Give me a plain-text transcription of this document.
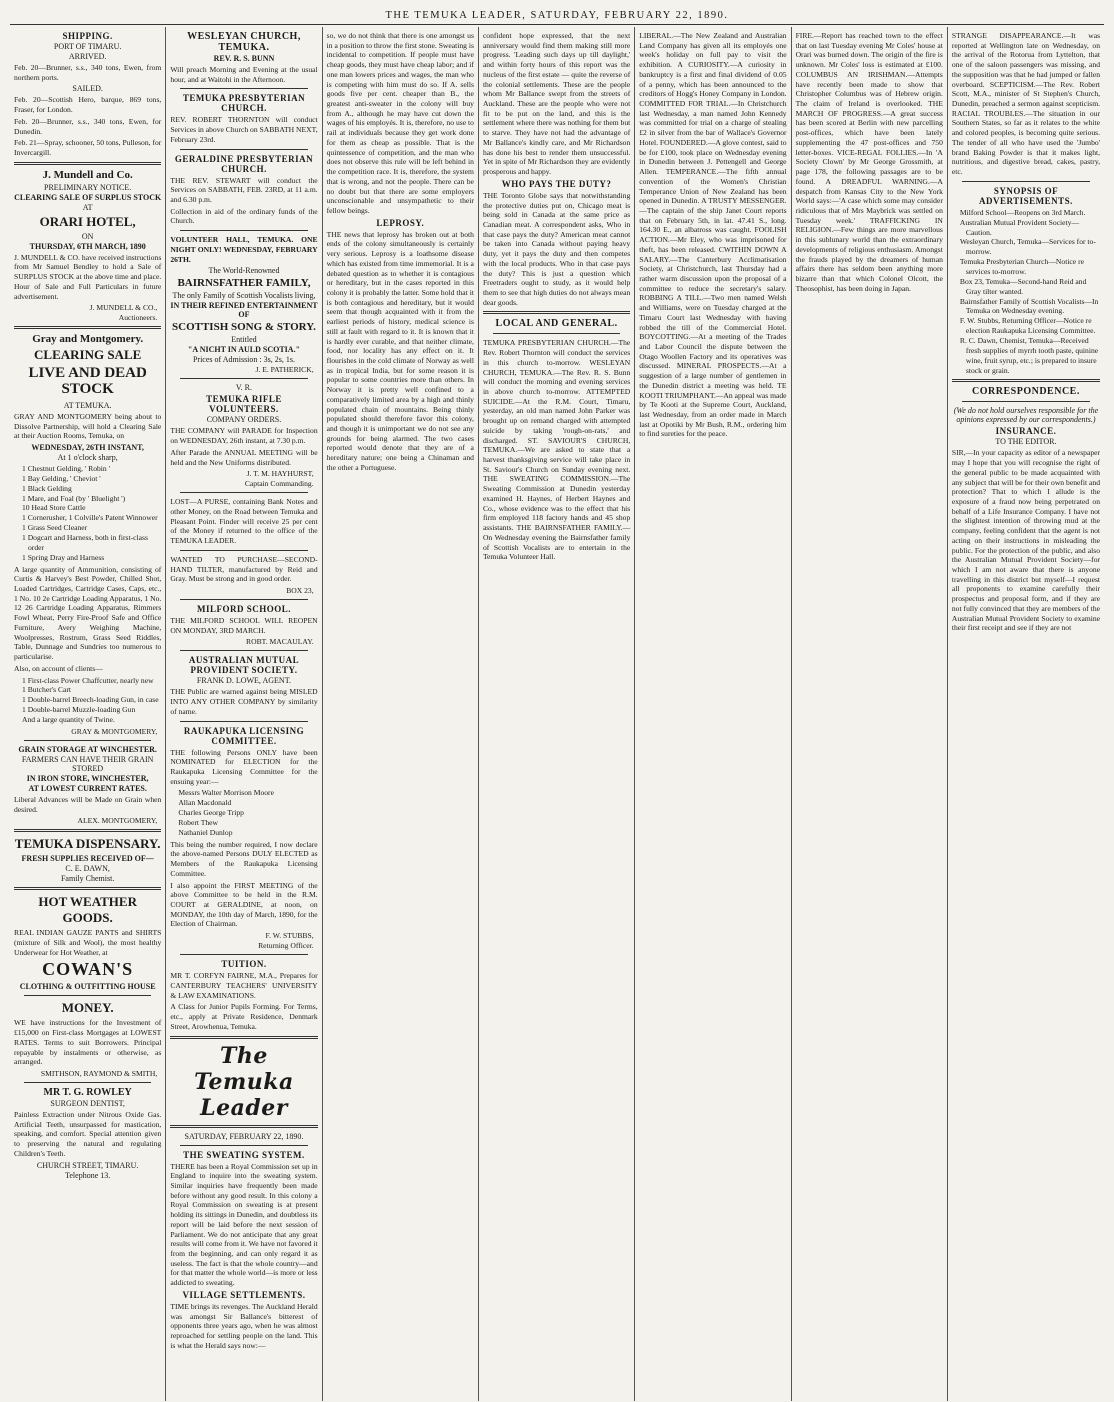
THE TEMUKA LEADER, SATURDAY, FEBRUARY 22, 1890.
SHIPPING.
PORT OF TIMARU.
ARRIVED.
Feb. 20—Brunner, s.s., 340 tons, Ewen, from northern ports.
SAILED.
Feb. 20—Scottish Hero, barque, 869 tons, Fraser, for London.
Feb. 20—Brunner, s.s., 340 tons, Ewen, for Dunedin.
Feb. 21—Spray, schooner, 50 tons, Pulleson, for Invercargill.
J. Mundell and Co.
PRELIMINARY NOTICE.
CLEARING SALE OF SURPLUS STOCK
AT
ORARI HOTEL,
ON
THURSDAY, 6TH MARCH, 1890
J. MUNDELL & CO. have received instructions from Mr Samuel Bendley to hold a Sale of SURPLUS STOCK at the above time and place. Hour of Sale and Full Particulars in future advertisement.
J. MUNDELL & CO.,
Auctioneers.
Gray and Montgomery.
CLEARING SALE
LIVE AND DEAD STOCK
AT TEMUKA.
GRAY AND MONTGOMERY being about to Dissolve Partnership, will hold a Clearing Sale at their Auction Rooms, Temuka, on
WEDNESDAY, 26TH INSTANT,
At 1 o'clock sharp,
1 Chestnut Gelding, ' Robin '
1 Bay Gelding, ' Cheviot '
1 Black Gelding
1 Mare, and Foal (by ' Bluelight ')
10 Head Store Cattle
1 Cornerusher, 1 Colville's Patent Winnower
1 Grass Seed Cleaner
1 Dogcart and Harness, both in first-class order
1 Spring Dray and Harness
A large quantity of Ammunition, consisting of Curtis & Harvey's Best Powder, Chilled Shot, Loaded Cartridges, Cartridge Cases, Caps, etc., 1 No. 10 2e Cartridge Loading Apparatus, 1 No. 12 26 Cartridge Loading Apparatus, Rimmers Fowl Wheat, Perry Fire-Proof Safe and Office Furniture, Avery Weighing Machine, Woolpresses, Rostrum, Grass Seed Riddles, Table, Dunnage and Sundries too numerous to particularise.
Also, on account of clients—
1 First-class Power Chaffcutter, nearly new
1 Butcher's Cart
1 Double-barrel Breech-loading Gun, in case
1 Double-barrel Muzzle-loading Gun
And a large quantity of Twine.
GRAY & MONTGOMERY,
GRAIN STORAGE AT WINCHESTER.
FARMERS CAN HAVE THEIR GRAIN STORED
IN IRON STORE, WINCHESTER,
AT LOWEST CURRENT RATES.
Liberal Advances will be Made on Grain when desired.
ALEX. MONTGOMERY,
TEMUKA DISPENSARY.
FRESH SUPPLIES RECEIVED OF—
C. E. DAWN,
Family Chemist.
HOT WEATHER GOODS.
REAL INDIAN GAUZE PANTS and SHIRTS (mixture of Silk and Wool), the most healthy Underwear for Hot Weather, at
COWAN'S
CLOTHING & OUTFITTING HOUSE
MONEY.
WE have instructions for the Investment of £15,000 on First-class Mortgages at LOWEST RATES. Terms to suit Borrowers. Principal repayable by instalments or otherwise, as arranged.
SMITHSON, RAYMOND & SMITH,
MR T. G. ROWLEY
SURGEON DENTIST,
Painless Extraction under Nitrous Oxide Gas. Artificial Teeth, unsurpassed for mastication, speaking, and comfort. Special attention given to preserving the natural and regulating Children's Teeth.
CHURCH STREET, TIMARU.
Telephone 13.
WESLEYAN CHURCH, TEMUKA.
REV. R. S. BUNN
Will preach Morning and Evening at the usual hour, and at Waitohi in the Afternoon.
TEMUKA PRESBYTERIAN CHURCH.
REV. ROBERT THORNTON will conduct Services in above Church on SABBATH NEXT, February 23rd.
GERALDINE PRESBYTERIAN CHURCH.
THE REV. STEWART will conduct the Services on SABBATH, FEB. 23RD, at 11 a.m. and 6.30 p.m.
Collection in aid of the ordinary funds of the Church.
VOLUNTEER HALL, TEMUKA. ONE NIGHT ONLY! WEDNESDAY, FEBRUARY 26TH.
The World-Renowned
BAIRNSFATHER FAMILY,
The only Family of Scottish Vocalists living,
IN THEIR REFINED ENTERTAINMENT OF
SCOTTISH SONG & STORY.
Entitled
"A NICHT IN AULD SCOTIA."
Prices of Admission : 3s, 2s, 1s.
J. E. PATHERICK,
V. R.
TEMUKA RIFLE VOLUNTEERS.
COMPANY ORDERS.
THE COMPANY will PARADE for Inspection on WEDNESDAY, 26th instant, at 7.30 p.m.
After Parade the ANNUAL MEETING will be held and the New Uniforms distributed.
J. T. M. HAYHURST,
Captain Commanding.
LOST—A PURSE, containing Bank Notes and other Money, on the Road between Temuka and Pleasant Point. Finder will receive 25 per cent of the Money if returned to the office of the TEMUKA LEADER.
WANTED TO PURCHASE—SECOND-HAND TILTER, manufactured by Reid and Gray. Must be strong and in good order.
BOX 23,
MILFORD SCHOOL.
THE MILFORD SCHOOL WILL REOPEN ON MONDAY, 3RD MARCH.
ROBT. MACAULAY.
AUSTRALIAN MUTUAL PROVIDENT SOCIETY.
FRANK D. LOWE, AGENT.
THE Public are warned against being MISLED INTO ANY OTHER COMPANY by similarity of name.
RAUKAPUKA LICENSING COMMITTEE.
THE following Persons ONLY have been NOMINATED for ELECTION for the Raukapuka Licensing Committee for the ensuing year:—
Messrs Walter Morrison Moore
Allan Macdonald
Charles George Tripp
Robert Thew
Nathaniel Dunlop
This being the number required, I now declare the above-named Persons DULY ELECTED as Members of the Raukapuka Licensing Committee.
I also appoint the FIRST MEETING of the above Committee to be held in the R.M. COURT at GERALDINE, at noon, on MONDAY, the 10th day of March, 1890, for the Election of Chairman.
F. W. STUBBS,
Returning Officer.
TUITION.
MR T. CORFYN FAIRNE, M.A., Prepares for CANTERBURY TEACHERS' UNIVERSITY & LAW EXAMINATIONS.
A Class for Junior Pupils Forming. For Terms, etc., apply at Private Residence, Denmark Street, Arowhenua, Temuka.
The Temuka Leader
SATURDAY, FEBRUARY 22, 1890.
THE SWEATING SYSTEM.
THERE has been a Royal Commission set up in England to inquire into the sweating system. Similar inquiries have frequently been made before without any good result. In this colony a Royal Commission on sweating is at present holding its sittings in Dunedin, and doubtless its report will be laid before the next session of Parliament. We do not anticipate that any great results will come from it. We have not favored it from the beginning, and can only regard it as useless. The fact is that the whole country—and for that matter the whole world—is more or less addicted to sweating.
VILLAGE SETTLEMENTS.
TIME brings its revenges. The Auckland Herald was amongst Sir Ballance's bitterest of opponents three years ago, when he was almost reproached for settling people on the land. This is what the Herald says now:—
so, we do not think that there is one amongst us in a position to throw the first stone. Sweating is incidental to competition. If people must have cheap goods, they must have cheap labor; and if one man lowers prices and wages, the man who is competing with him must do so. If A. sells goods five per cent. cheaper than B., the greatest anti-sweater in the colony will buy from A., although he may have cut down the wages of his employés. It is, therefore, no use to rail at individuals because they get work done for them as cheap as possible. That is the quintessence of competition, and the man who does not observe this rule will be left behind in the competition race. It is, therefore, the system that is wrong, and not the people. There can be no doubt but that there are some employers unconscionable and unsympathetic to their fellow beings.
LEPROSY.
THE news that leprosy has broken out at both ends of the colony simultaneously is certainly very serious. Leprosy is a loathsome disease which has existed from time immemorial. It is a debated question as to whether it is contagious or hereditary, but in the cases reported in this colony it is probably the latter. Some hold that it is both contagious and hereditary, but it would seem that though acquainted with it from the earliest periods of history, medical science is still at fault with regard to it. It is known that it is hardly ever curable, and that neither climate, food, nor locality has any effect on it. It flourishes in the cold climate of Norway as well as in tropical India, but for some reason it is popular to some countries more than others. In Norway it is pretty well confined to a comparatively limited area by a high and thinly populated chain of mountains. Being thinly populated should therefore favor this colony, and though it is unimportant we do not see any grounds for being alarmed. The two cases reported would denote that they are of a hereditary nature; one being a Chinaman and the other a Portuguese.
confident hope expressed, that the next anniversary would find them making still more progress. 'Leading such days up till daylight,' and within forty hours of this report was the nucleus of the first estate — quite the reverse of the colonial settlements. These are the people whom Mr Ballance swept from the streets of Auckland. These are the people who were not fit to be put on the land, and this is the settlement where there was nothing for them but to starve. They have not had the advantage of Mr Ballance's kindly care, and Mr Richardson has done his best to render them unsuccessful. Yet in spite of Mr Richardson they are evidently prosperous and happy.
WHO PAYS THE DUTY?
THE Toronto Globe says that notwithstanding the protective duties put on, Chicago meat is being sold in Canada at the same price as Canadian meat. A correspondent asks, Who in that case pays the duty? American meat cannot be taken into Canada without paying heavy duty, yet it pays the duty and then competes with the local products. Who in that case pays the duty? This is just a question which Freetraders ought to study, as it would help them to see that high duties do not always mean dear goods.
LOCAL AND GENERAL.
TEMUKA PRESBYTERIAN CHURCH.—The Rev. Robert Thornton will conduct the services in this church to-morrow. WESLEYAN CHURCH, TEMUKA.—The Rev. R. S. Bunn will conduct the morning and evening services in above church to-morrow. ATTEMPTED SUICIDE.—At the R.M. Court, Timaru, yesterday, an old man named John Parker was brought up on remand charged with attempted suicide by taking 'rough-on-rats,' and discharged. ST. SAVIOUR'S CHURCH, TEMUKA.—We are asked to state that a harvest thanksgiving service will take place in St. Saviour's Church on Sunday evening next. THE SWEATING COMMISSION.—The Sweating Commission at Dunedin yesterday examined H. Haynes, of Herbert Haynes and Co., whose evidence was to the effect that his firm employed 118 factory hands and 45 shop assistants. THE BAIRNSFATHER FAMILY.—On Wednesday evening the Bairnsfather family of Scottish Vocalists are to entertain in the Temuka Volunteer Hall.
LIBERAL.—The New Zealand and Australian Land Company has given all its employés one week's holiday on full pay to visit the exhibition. A CURIOSITY.—A curiosity in bankruptcy is a first and final dividend of 0.05 of a penny, which has been announced to the creditors of Hogg's Honey Company in London. COMMITTED FOR TRIAL.—In Christchurch last Wednesday, a man named John Kennedy was committed for trial on a charge of stealing £2 in silver from the bar of Wallace's Governor Hotel. FOUNDERED.—A glove contest, said to be for £100, took place on Wednesday evening in Dunedin between J. Pettengell and George Allen. TEMPERANCE.—The fifth annual convention of the Women's Christian Temperance Union of New Zealand has been opened in Dunedin. A TRUSTY MESSENGER.—The captain of the ship Janet Court reports that on February 5th, in lat. 47.41 S., long. 164.30 E., an albatross was caught. FOOLISH ACTION.—Mr Eley, who was imprisoned for theft, has been released. CWITHIN DOWN A SALARY.—The Canterbury Acclimatisation Society, at Christchurch, last Thursday had a rather warm discussion upon the proposal of a committee to reduce the secretary's salary. ROBBING A TILL.—Two men named Welsh and Williams, were on Tuesday charged at the Timaru Court last Wednesday with having robbed the till of the Commercial Hotel. BOYCOTTING.—At a meeting of the Trades and Labor Council the dispute between the Otago Woollen Factory and its operatives was discussed. MINERAL PROSPECTS.—At a suggestion of a large number of gentlemen in the Dunedin district a meeting was held. TE KOOTI TRIUMPHANT.—An appeal was made by Te Kooti at the Supreme Court, Auckland, last Wednesday, from an order made in March last at Opotiki by Mr Bush, R.M., ordering him to find sureties for the peace.
FIRE.—Report has reached town to the effect that on last Tuesday evening Mr Coles' house at Orari was burned down. The origin of the fire is unknown. Mr Coles' loss is estimated at £100. COLUMBUS AN IRISHMAN.—Attempts have recently been made to show that Christopher Columbus was of Hebrew origin. The claim of Ireland is overlooked. THE MARCH OF PROGRESS.—A great success has been scored at Berlin with new parcelling post-offices, which have been lately supplementing the 47 post-offices and 750 letter-boxes. VICE-REGAL FOLLIES.—In 'A Society Clown' by Mr George Grossmith, at page 178, the following passages are to be found. A DREADFUL WARNING.—A despatch from Kansas City to the New York World says:—'A case which some may consider ridiculous that of Mrs Maybrick was settled on Tuesday week.' TRAFFICKING IN RELIGION.—Few things are more marvellous in this sublunary world than the extraordinary developments of religious enthusiasm. Amongst the frauds played by the dreamers of human affairs there has seldom been anything more bizarre than that which Colonel Olcott, the Theosophist, has been doing in Japan.
STRANGE DISAPPEARANCE.—It was reported at Wellington late on Wednesday, on the arrival of the Rotorua from Lyttelton, that one of the saloon passengers was missing, and the supposition was that he had jumped or fallen overboard. SCEPTICISM.—The Rev. Robert Scott, M.A., minister of St Stephen's Church, Dunedin, preached a sermon against scepticism. RACIAL TROUBLES.—The situation in our Southern States, so far as it relates to the white and colored peoples, is becoming quite serious. The tender of all who have used the 'Jumbo' brand Baking Powder is that it makes light, nutritious, and digestive bread, cakes, pastry, etc.
SYNOPSIS OF ADVERTISEMENTS.
Milford School—Reopens on 3rd March.
Australian Mutual Provident Society—Caution.
Wesleyan Church, Temuka—Services for to-morrow.
Temuka Presbyterian Church—Notice re services to-morrow.
Box 23, Temuka—Second-hand Reid and Gray tilter wanted.
Bairnsfather Family of Scottish Vocalists—In Temuka on Wednesday evening.
F. W. Stubbs, Returning Officer—Notice re election Raukapuka Licensing Committee.
R. C. Dawn, Chemist, Temuka—Received fresh supplies of myrrh tooth paste, quinine wine, fruit syrup, etc.; is prepared to insure stock or grain.
CORRESPONDENCE.
(We do not hold ourselves responsible for the opinions expressed by our correspondents.)
INSURANCE.
TO THE EDITOR.
SIR,—In your capacity as editor of a newspaper may I hope that you will recognise the right of the general public to be made acquainted with any subject that will be for their own benefit and protection? That to which I allude is the exposure of a fraud now being perpetrated on behalf of a Life Insurance Company. I have not the slightest intention of throwing mud at the company, feeling confident that the agent is not acting on their instructions in misleading the public. For the protection of the public, and also the Australian Mutual Provident Society—for which I am not aware that there is anyone travelling in this district but myself—I request all proponents to examine carefully their prospectus and proposal form, and if they are not fully convinced that they are members of the Australian Mutual Provident Society to examine their first receipt and see if they are not
